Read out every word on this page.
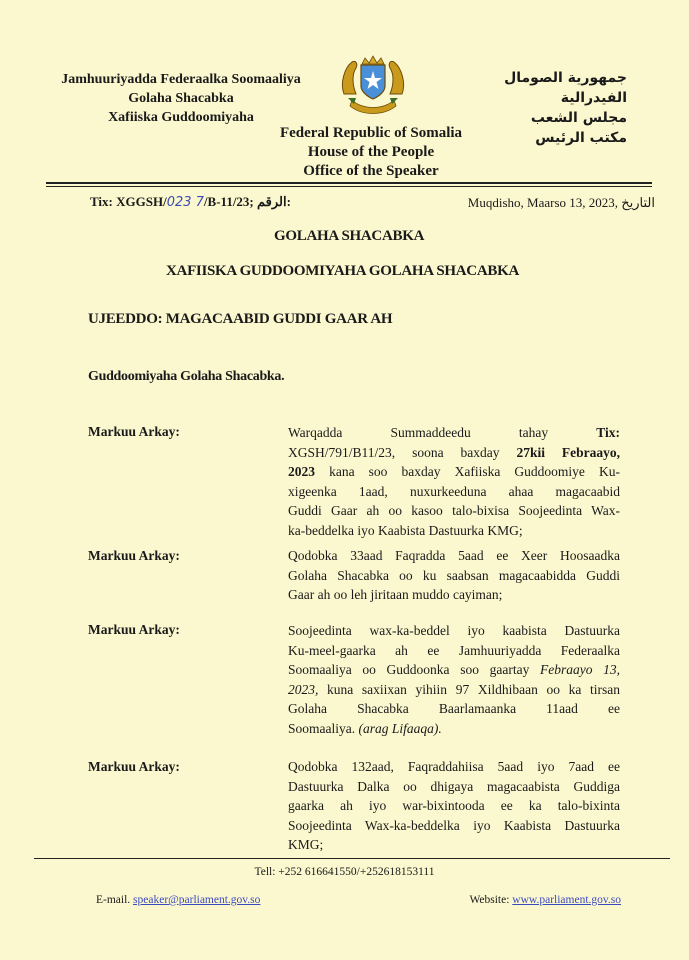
Jamhuuriyadda Federaalka Soomaaliya
Golaha Shacabka
Xafiiska Guddoomiyaha
جمهورية الصومال الفيدرالية
مجلس الشعب
مكتب الرئيس
Federal Republic of Somalia
House of the People
Office of the Speaker
Tix: XGGSH/023 7/B-11/23; الرقم:	Muqdisho, Maarso 13, 2023, التاريخ
GOLAHA SHACABKA
XAFIISKA GUDDOOMIYAHA GOLAHA SHACABKA
UJEEDDO: MAGACAABID GUDDI GAAR AH
Guddoomiyaha Golaha Shacabka.
Markuu Arkay:	Warqadda Summaddeedu tahay Tix:
XGSH/791/B11/23, soona baxday 27kii Febraayo,
2023 kana soo baxday Xafiiska Guddoomiye Ku-
xigeenka 1aad, nuxurkeeduna ahaa magacaabid
Guddi Gaar ah oo kasoo talo-bixisa Soojeedinta Wax-
ka-beddelka iyo Kaabista Dastuurka KMG;
Markuu Arkay:	Qodobka 33aad Faqradda 5aad ee Xeer Hoosaadka
Golaha Shacabka oo ku saabsan magacaabidda Guddi
Gaar ah oo leh jiritaan muddo cayiman;
Markuu Arkay:	Soojeedinta wax-ka-beddel iyo kaabista Dastuurka
Ku-meel-gaarka ah ee Jamhuuriyadda Federaalka
Soomaaliya oo Guddoonka soo gaartay Febraayo 13,
2023, kuna saxiixan yihiin 97 Xildhibaan oo ka tirsan
Golaha Shacabka Baarlamaanka 11aad ee
Soomaaliya. (arag Lifaaqa).
Markuu Arkay:	Qodobka 132aad, Faqraddahiisa 5aad iyo 7aad ee
Dastuurka Dalka oo dhigaya magacaabista Guddiga
gaarka ah iyo war-bixintooda ee ka talo-bixinta
Soojeedinta Wax-ka-beddelka iyo Kaabista Dastuurka
KMG;
Tell: +252 616641550/+252618153111
E-mail. speaker@parliament.gov.so	Website: www.parliament.gov.so
